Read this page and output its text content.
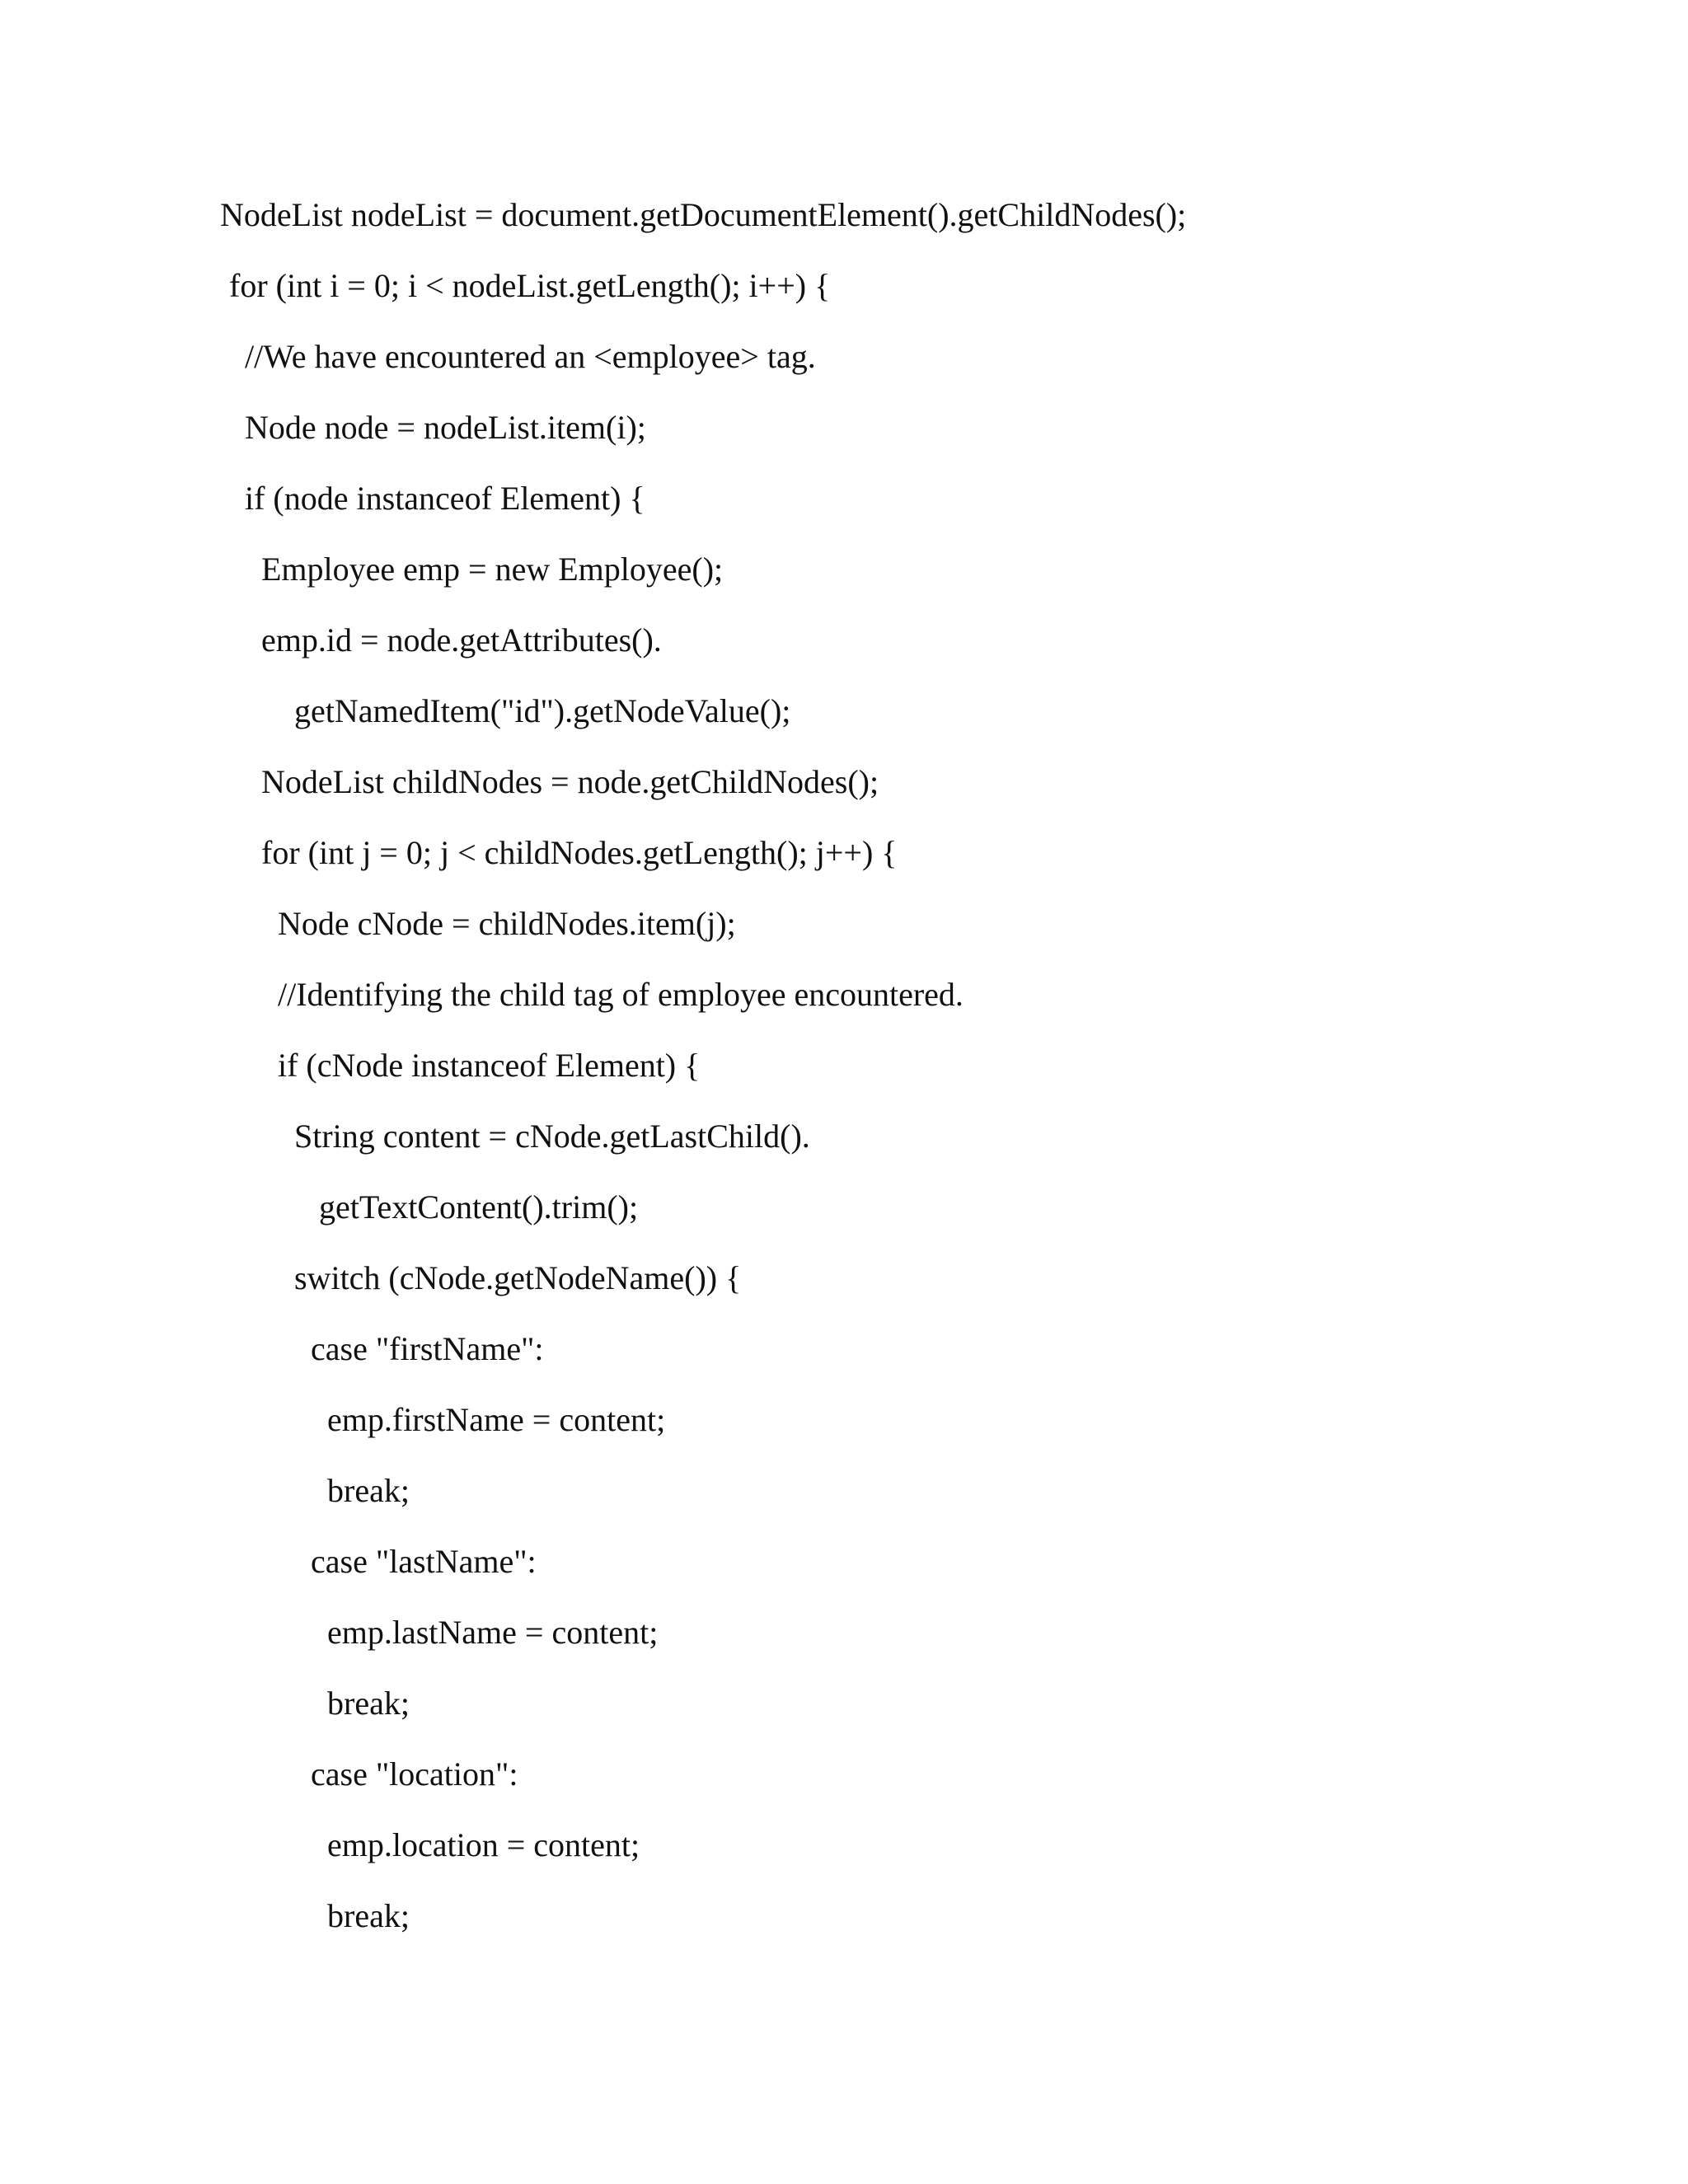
NodeList nodeList = document.getDocumentElement().getChildNodes();
for (int i = 0; i < nodeList.getLength(); i++) {
//We have encountered an <employee> tag.
Node node = nodeList.item(i);
if (node instanceof Element) {
Employee emp = new Employee();
emp.id = node.getAttributes().
getNamedItem("id").getNodeValue();
NodeList childNodes = node.getChildNodes();
for (int j = 0; j < childNodes.getLength(); j++) {
Node cNode = childNodes.item(j);
//Identifying the child tag of employee encountered.
if (cNode instanceof Element) {
String content = cNode.getLastChild().
getTextContent().trim();
switch (cNode.getNodeName()) {
case "firstName":
emp.firstName = content;
break;
case "lastName":
emp.lastName = content;
break;
case "location":
emp.location = content;
break;
